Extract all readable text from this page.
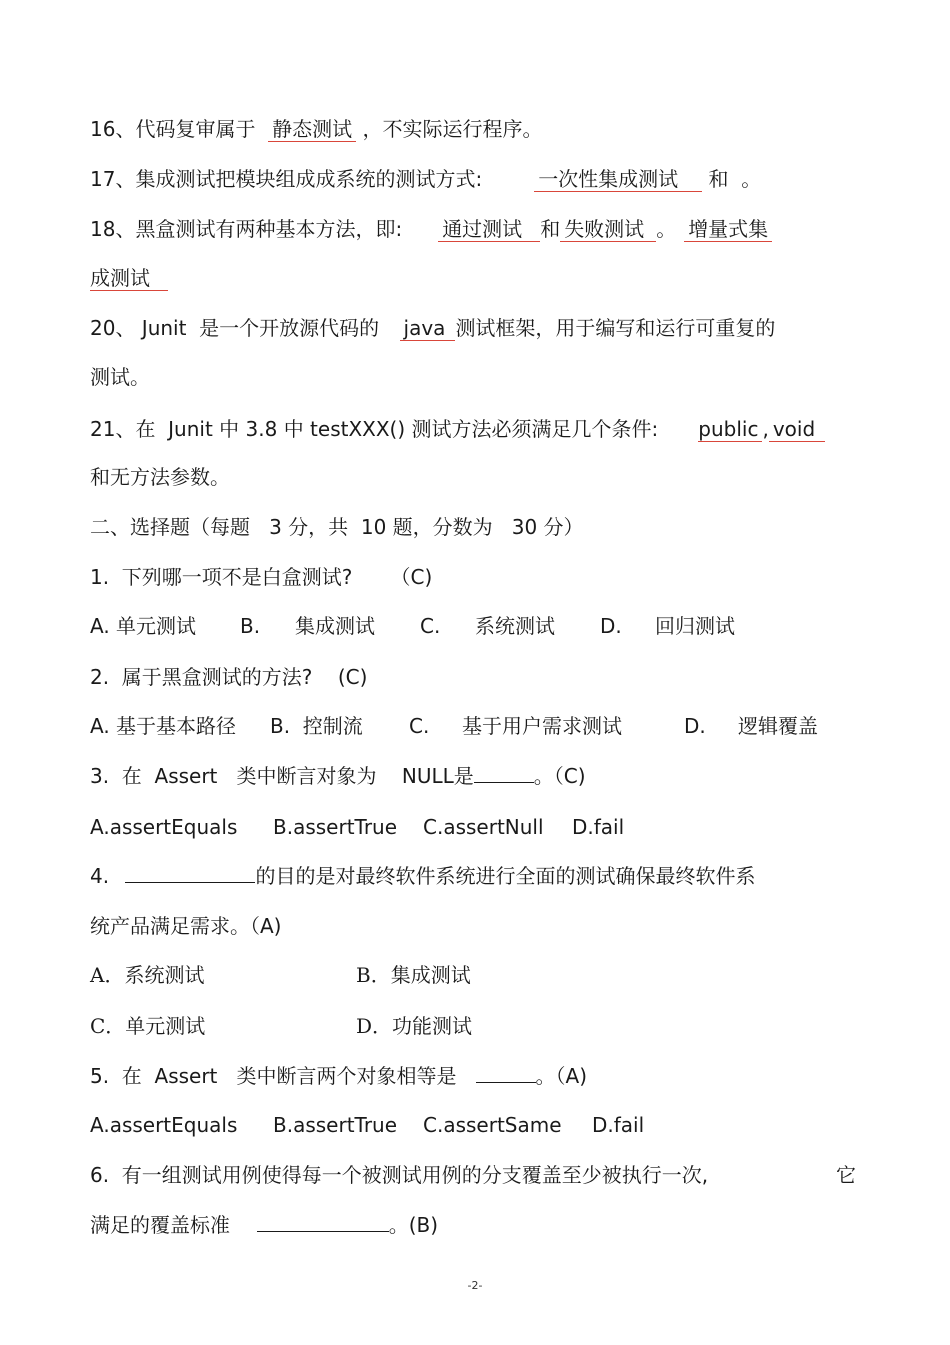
16、代码复审属于  静态测试 ，不实际运行程序。
17、集成测试把模块组成成系统的测试方式:	一次性集成测试 和  。
18、黑盒测试有两种基本方法，即: 通过测试 和 失败测试 。 增量式集
成测试
20、 Junit  是一个开放源代码的 java 测试框架，用于编写和运行可重复的
测试。
21、在  Junit 中 3.8 中 testXXX() 测试方法必须满足几个条件: public , void
和无方法参数。
二、选择题（每题   3 分，共  10 题，分数为   30 分）
1.  下列哪一项不是白盒测试?      （C)
A. 单元测试 B. 集成测试 C. 系统测试 D. 回归测试
2.  属于黑盒测试的方法?    (C)
A. 基于基本路径 B.  控制流 C. 基于用户需求测试	D. 逻辑覆盖
3.  在  Assert   类中断言对象为    NULL是	。（C)
A.assertEquals B.assertTrue C.assertNull D.fail
4.	的目的是对最终软件系统进行全面的测试确保最终软件系
统产品满足需求。（A)
A．系统测试	B．集成测试
C．单元测试	D．功能测试
5.  在  Assert   类中断言两个对象相等是	。（A)
A.assertEquals B.assertTrue C.assertSame D.fail
6.  有一组测试用例使得每一个被测试用例的分支覆盖至少被执行一次,	它
满足的覆盖标准	。(B)
-2-
